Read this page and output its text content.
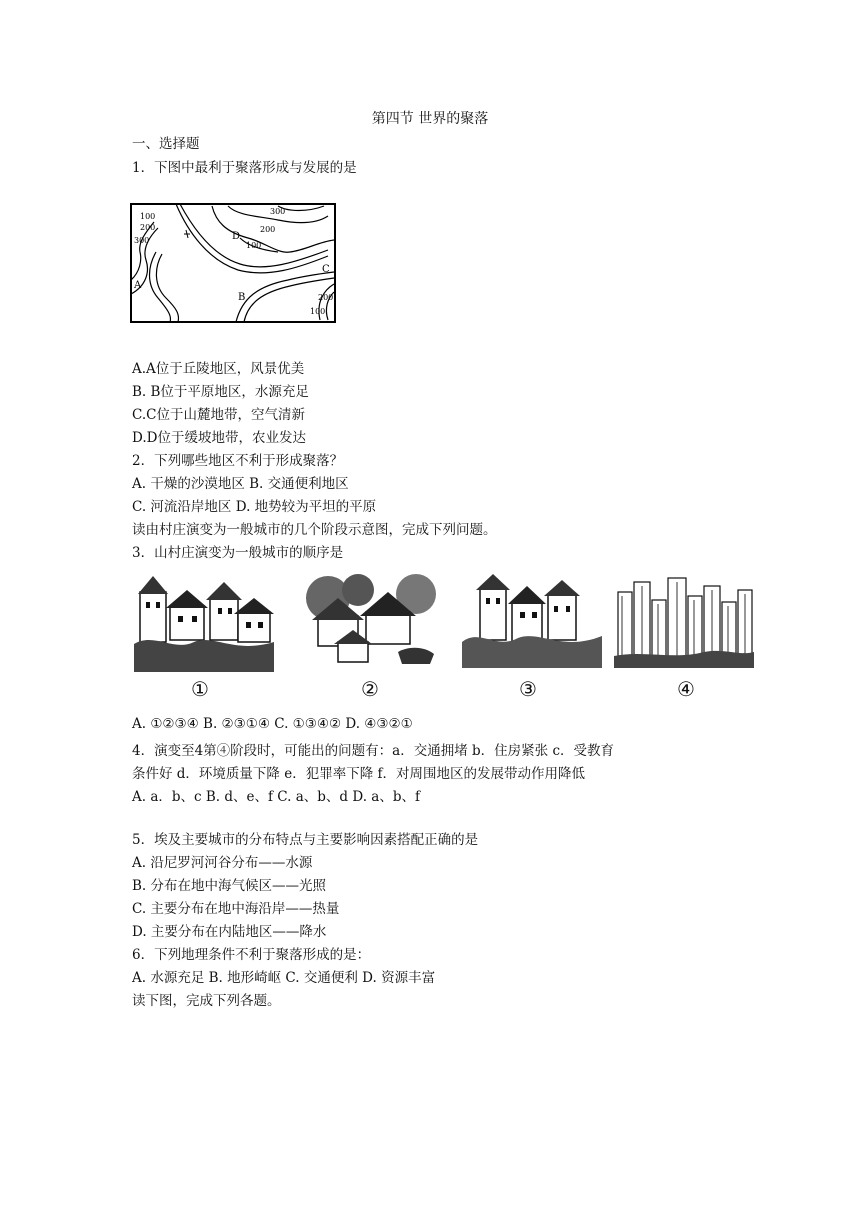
第四节 世界的聚落
一、选择题
1．下图中最利于聚落形成与发展的是
100
200
300
300
200
100
200
100
A
B
C
D
A.A位于丘陵地区，风景优美
B. B位于平原地区，水源充足
C.C位于山麓地带，空气清新
D.D位于缓坡地带，农业发达
2．下列哪些地区不利于形成聚落？
A. 干燥的沙漠地区 B. 交通便利地区
C. 河流沿岸地区 D. 地势较为平坦的平原
读由村庄演变为一般城市的几个阶段示意图，完成下列问题。
3．山村庄演变为一般城市的顺序是
①	②	③	④
A. ①②③④ B. ②③①④ C. ①③④② D. ④③②①
4．演变至4第④阶段时，可能出的问题有：a．交通拥堵 b．住房紧张 c．受教育
条件好 d．环境质量下降 e．犯罪率下降 f．对周围地区的发展带动作用降低
A. a．b、c B. d、e、f C. a、b、d D. a、b、f
5．埃及主要城市的分布特点与主要影响因素搭配正确的是
A. 沿尼罗河河谷分布——水源
B. 分布在地中海气候区——光照
C. 主要分布在地中海沿岸——热量
D. 主要分布在内陆地区——降水
6．下列地理条件不利于聚落形成的是：
A. 水源充足 B. 地形崎岖 C. 交通便利 D. 资源丰富
读下图，完成下列各题。
